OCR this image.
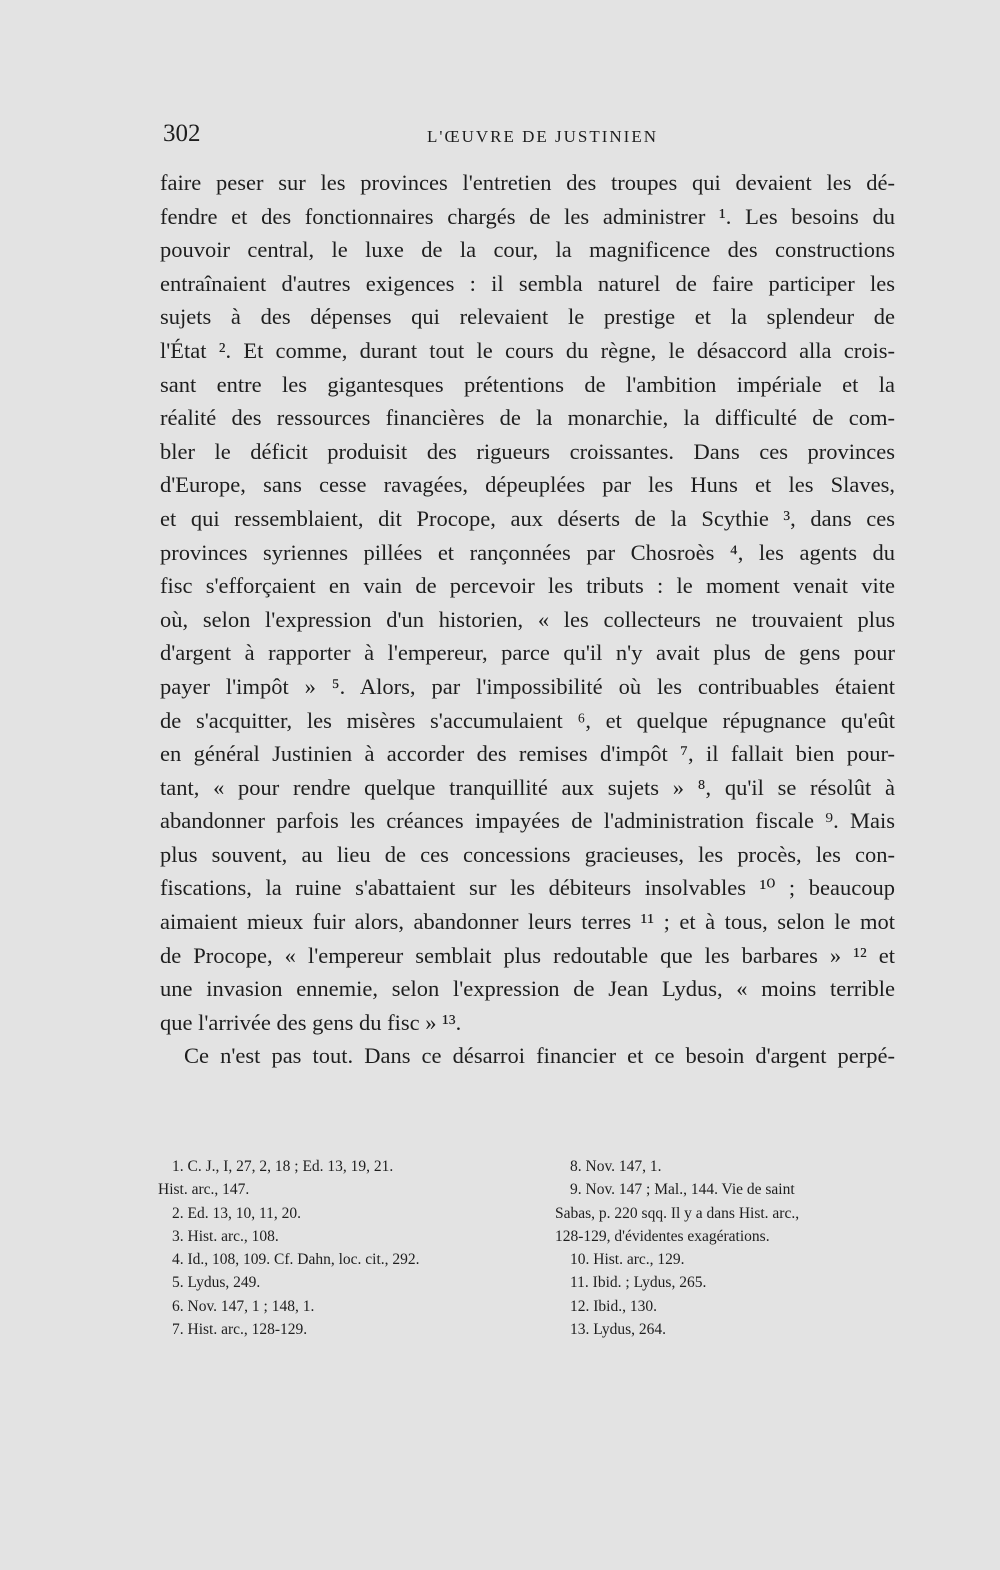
302	L'ŒUVRE DE JUSTINIEN
faire peser sur les provinces l'entretien des troupes qui devaient les dé-
fendre et des fonctionnaires chargés de les administrer ¹. Les besoins du
pouvoir central, le luxe de la cour, la magnificence des constructions
entraînaient d'autres exigences : il sembla naturel de faire participer les
sujets à des dépenses qui relevaient le prestige et la splendeur de
l'État ². Et comme, durant tout le cours du règne, le désaccord alla crois-
sant entre les gigantesques prétentions de l'ambition impériale et la
réalité des ressources financières de la monarchie, la difficulté de com-
bler le déficit produisit des rigueurs croissantes. Dans ces provinces
d'Europe, sans cesse ravagées, dépeuplées par les Huns et les Slaves,
et qui ressemblaient, dit Procope, aux déserts de la Scythie ³, dans ces
provinces syriennes pillées et rançonnées par Chosroès ⁴, les agents du
fisc s'efforçaient en vain de percevoir les tributs : le moment venait vite
où, selon l'expression d'un historien, « les collecteurs ne trouvaient plus
d'argent à rapporter à l'empereur, parce qu'il n'y avait plus de gens pour
payer l'impôt » ⁵. Alors, par l'impossibilité où les contribuables étaient
de s'acquitter, les misères s'accumulaient ⁶, et quelque répugnance qu'eût
en général Justinien à accorder des remises d'impôt ⁷, il fallait bien pour-
tant, « pour rendre quelque tranquillité aux sujets » ⁸, qu'il se résolût à
abandonner parfois les créances impayées de l'administration fiscale ⁹. Mais
plus souvent, au lieu de ces concessions gracieuses, les procès, les con-
fiscations, la ruine s'abattaient sur les débiteurs insolvables ¹⁰ ; beaucoup
aimaient mieux fuir alors, abandonner leurs terres ¹¹ ; et à tous, selon le mot
de Procope, « l'empereur semblait plus redoutable que les barbares » ¹² et
une invasion ennemie, selon l'expression de Jean Lydus, « moins terrible
que l'arrivée des gens du fisc » ¹³.
Ce n'est pas tout. Dans ce désarroi financier et ce besoin d'argent perpé-
1. C. J., I, 27, 2, 18 ; Ed. 13, 19, 21.
Hist. arc., 147.
2. Ed. 13, 10, 11, 20.
3. Hist. arc., 108.
4. Id., 108, 109. Cf. Dahn, loc. cit., 292.
5. Lydus, 249.
6. Nov. 147, 1 ; 148, 1.
7. Hist. arc., 128-129.
8. Nov. 147, 1.
9. Nov. 147 ; Mal., 144. Vie de saint
Sabas, p. 220 sqq. Il y a dans Hist. arc.,
128-129, d'évidentes exagérations.
10. Hist. arc., 129.
11. Ibid. ; Lydus, 265.
12. Ibid., 130.
13. Lydus, 264.
